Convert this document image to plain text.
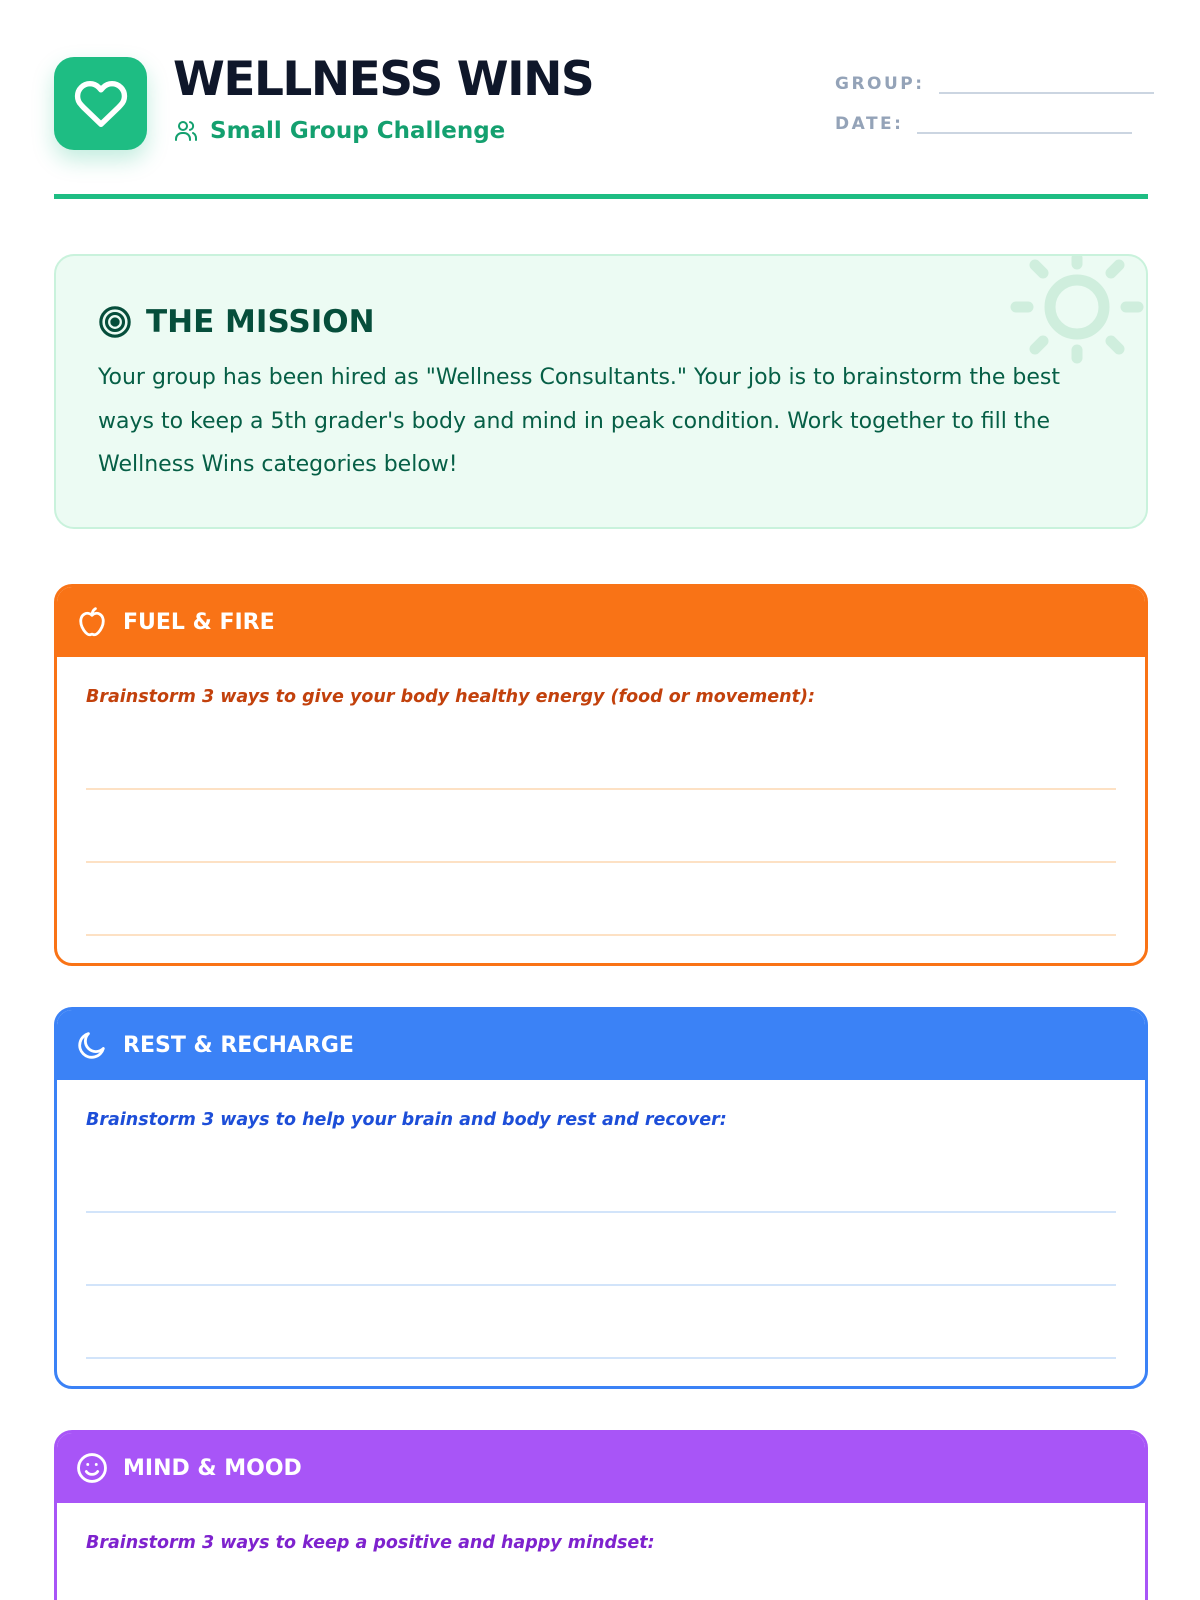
WELLNESS WINS
Small Group Challenge
GROUP:
DATE:
THE MISSION
Your group has been hired as "Wellness Consultants." Your job is to brainstorm the best ways to keep a 5th grader's body and mind in peak condition. Work together to fill the Wellness Wins categories below!
FUEL & FIRE
Brainstorm 3 ways to give your body healthy energy (food or movement):
REST & RECHARGE
Brainstorm 3 ways to help your brain and body rest and recover:
MIND & MOOD
Brainstorm 3 ways to keep a positive and happy mindset:
